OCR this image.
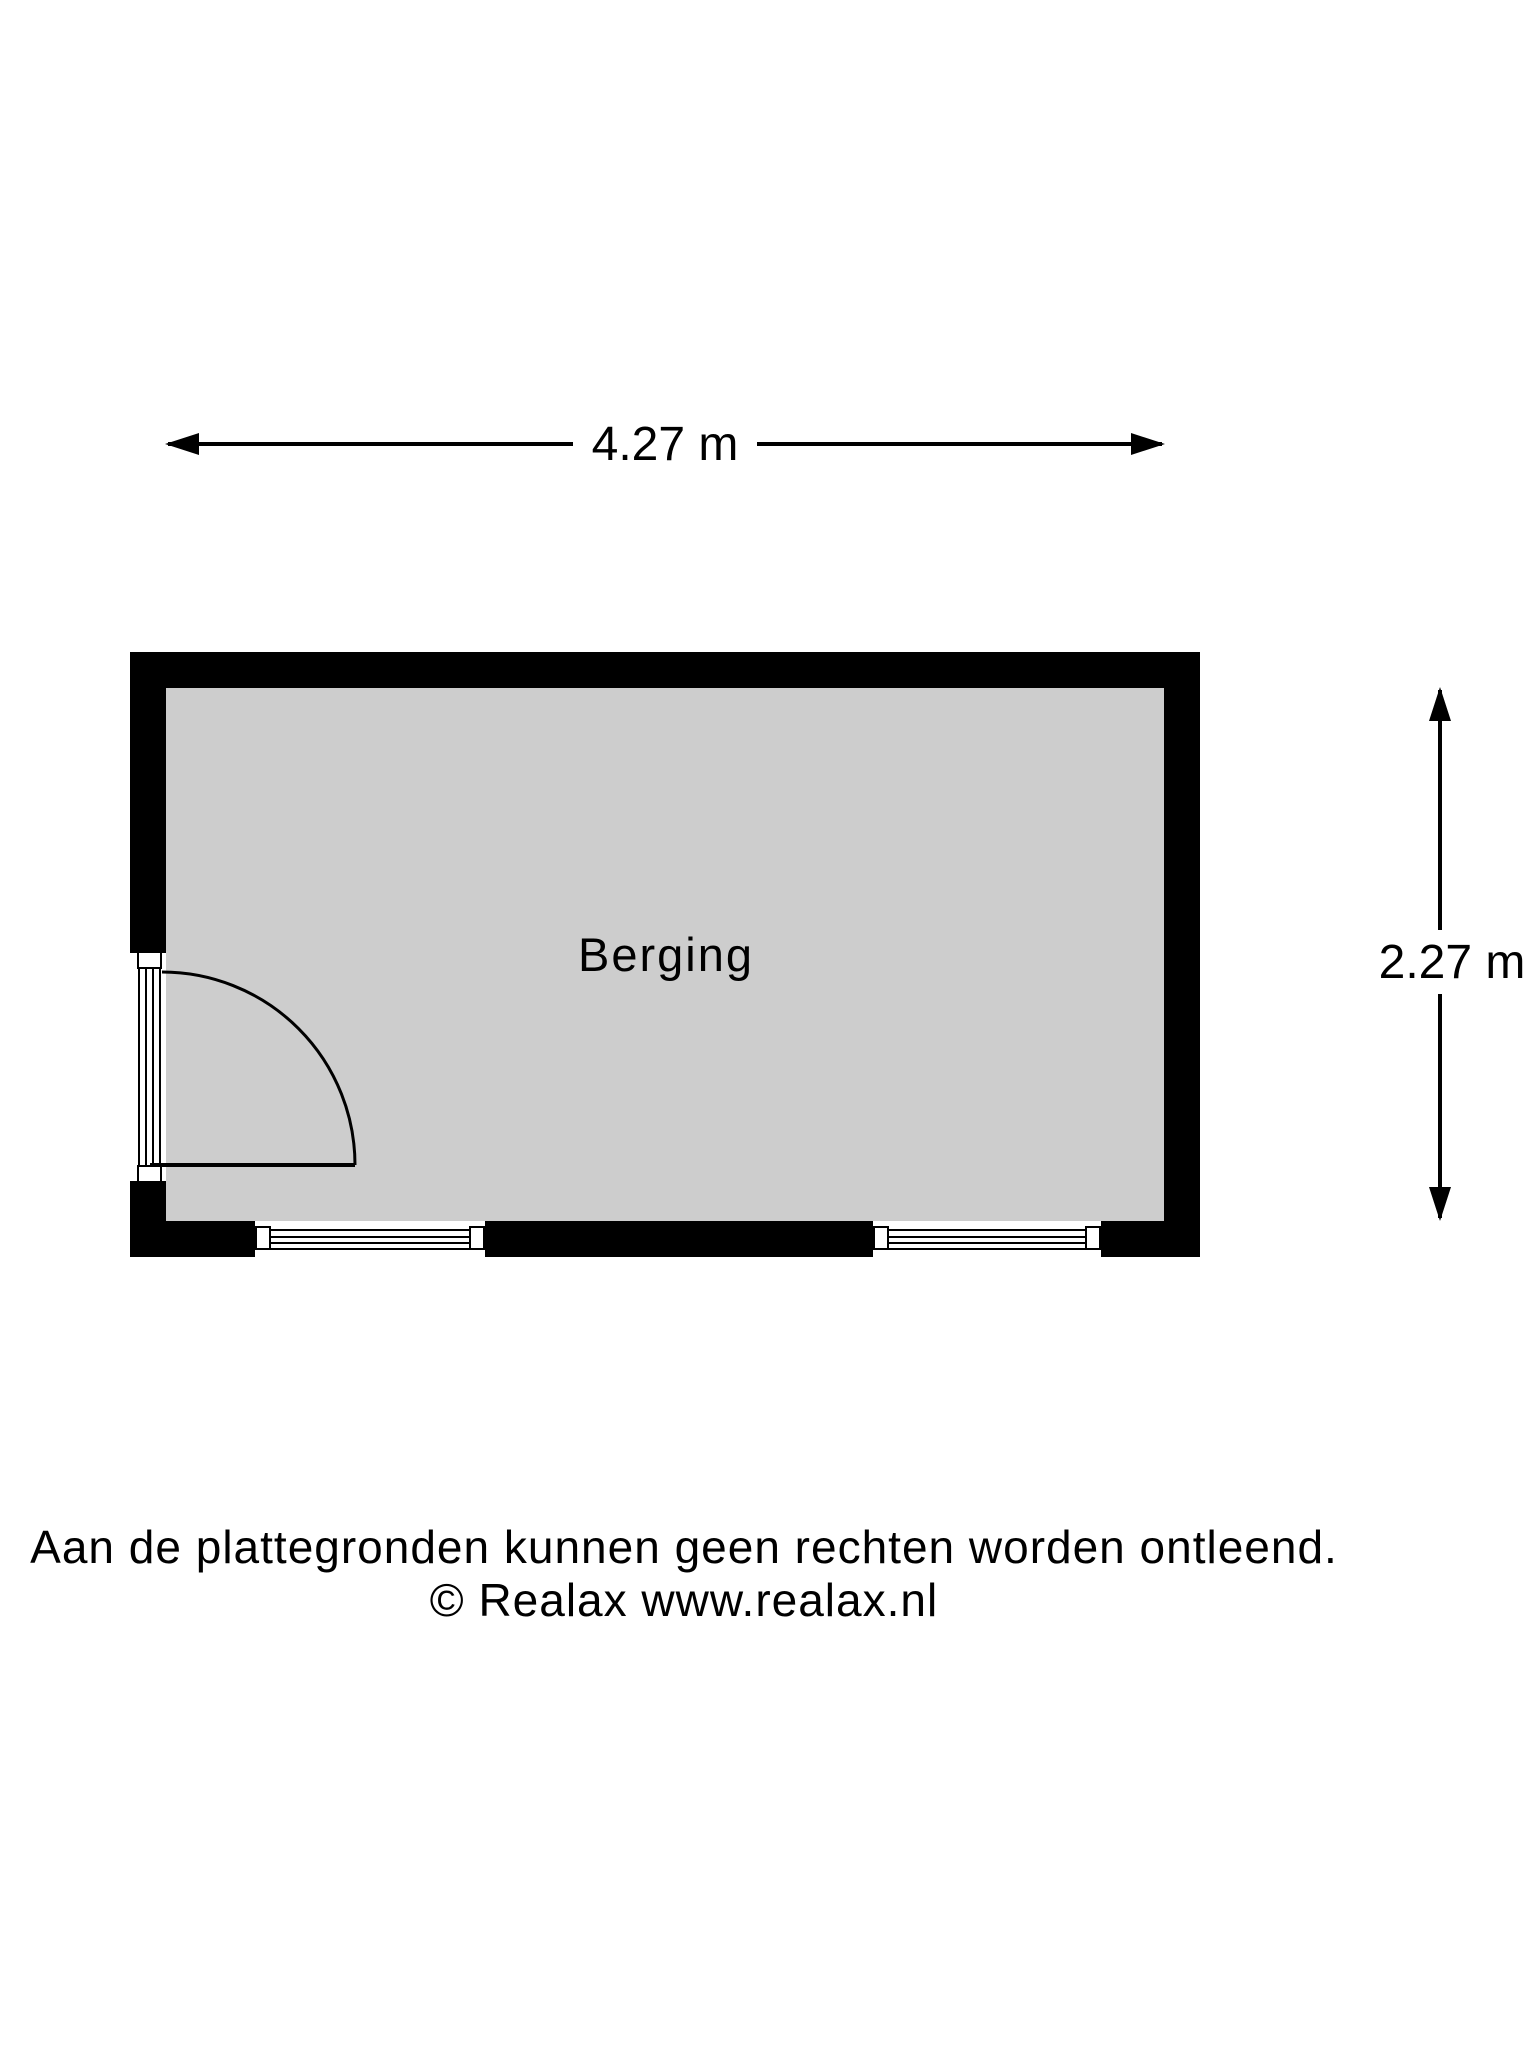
4.27 m
2.27 m
Berging
Aan de plattegronden kunnen geen rechten worden ontleend.
© Realax www.realax.nl
